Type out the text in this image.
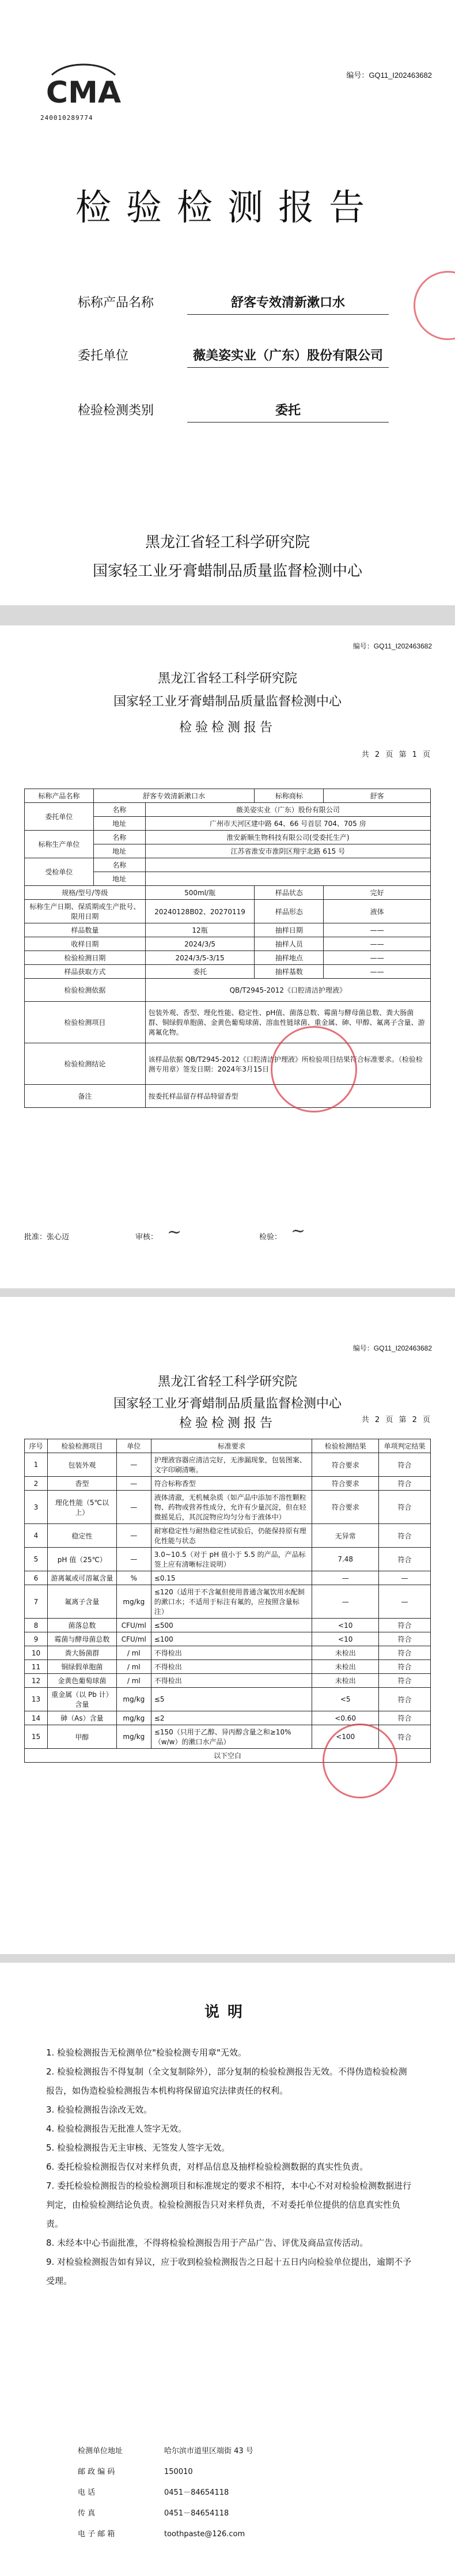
CMA
240010289774
编号：GQ11_I202463682
检验检测报告
标称产品名称	舒客专效清新漱口水
委托单位	薇美姿实业（广东）股份有限公司
检验检测类别	委托
黑龙江省轻工科学研究院
国家轻工业牙膏蜡制品质量监督检测中心
编号：GQ11_I202463682
黑龙江省轻工科学研究院
国家轻工业牙膏蜡制品质量监督检测中心
检验检测报告
共 2 页 第 1 页
标称产品名称	舒客专效清新漱口水		标称商标	舒客
委托单位	名称	薇美姿实业（广东）股份有限公司		
	地址	广州市天河区建中路 64、66 号首层 704、705 房		
标称生产单位	名称	淮安新顺生物科技有限公司(受委托生产)		
	地址	江苏省淮安市淮阴区翔宇北路 615 号		
受检单位	名称			
	地址			
规格/型号/等级		500ml/瓶	样品状态	完好
标称生产日期、保质期或生产批号、限用日期		20240128B02、20270119	样品形态	液体
样品数量		12瓶	抽样日期	——
收样日期		2024/3/5	抽样人员	——
检验检测日期		2024/3/5-3/15	抽样地点	——
样品获取方式		委托	抽样基数	——
检验检测依据		QB/T2945-2012《口腔清洁护理液》		
检验检测项目		包装外观、香型、理化性能、稳定性、pH值、菌落总数、霉菌与酵母菌总数、粪大肠菌群、铜绿假单胞菌、金黄色葡萄球菌、溶血性链球菌、重金属、砷、甲醇、氟离子含量、游离氟化物。		
检验检测结论		该样品依据 QB/T2945-2012《口腔清洁护理液》所检验项目结果符合标准要求。（检验检测专用章）签发日期：2024年3月15日		
备注		按委托样品留存样品特留香型		
批准：张心迈	审核： ~	检验： ~
编号：GQ11_I202463682
黑龙江省轻工科学研究院
国家轻工业牙膏蜡制品质量监督检测中心
检验检测报告	共 2 页 第 2 页
序号	检验检测项目	单位	标准要求	检验检测结果	单项判定结果
1	包装外观	—	护理液容器应清洁完好，无渗漏现象，包装图案、文字印刷清晰。	符合要求	符合
2	香型	—	符合标称香型	符合要求	符合
3	理化性能（5℃以上）	—	液体清澈，无机械杂质（如产品中添加不溶性颗粒物、药物或营养性成分，允许有少量沉淀，但在轻微摇晃后，其沉淀物应均匀分布于液体中）	符合要求	符合
4	稳定性	—	耐寒稳定性与耐热稳定性试验后，仍能保持原有理化性能与状态	无异常	符合
5	pH 值（25℃）	—	3.0~10.5（对于 pH 值小于 5.5 的产品，产品标签上应有清晰标注说明）	7.48	符合
6	游离氟或可溶氟含量	%	≤0.15	—	—
7	氟离子含量	mg/kg	≤120（适用于不含氟但使用普通含氟饮用水配制的漱口水；不适用于标注有氟的，应按照含量标注）	—	—
8	菌落总数	CFU/ml	≤500	<10	符合
9	霉菌与酵母菌总数	CFU/ml	≤100	<10	符合
10	粪大肠菌群	/ ml	不得检出	未检出	符合
11	铜绿假单胞菌	/ ml	不得检出	未检出	符合
12	金黄色葡萄球菌	/ ml	不得检出	未检出	符合
13	重金属（以 Pb 计）含量	mg/kg	≤5	<5	符合
14	砷（As）含量	mg/kg	≤2	<0.60	符合
15	甲醇	mg/kg	≤150（只用于乙醇、异丙醇含量之和≥10%（w/w）的漱口水产品）	<100	符合
以下空白					
说明

1. 检验检测报告无检测单位"检验检测专用章"无效。

2. 检验检测报告不得复制（全文复制除外），部分复制的检验检测报告无效。不得伪造检验检测报告，如伪造检验检测报告本机构将保留追究法律责任的权利。

3. 检验检测报告涂改无效。

4. 检验检测报告无批准人签字无效。

5. 检验检测报告无主审核、无签发人签字无效。

6. 委托检验检测报告仅对来样负责，对样品信息及抽样检验检测数据的真实性负责。

7. 委托检验检测报告的检验检测项目和标准规定的要求不相符，本中心不对对检验检测数据进行判定，由检验检测结论负责。检验检测报告只对来样负责，不对委托单位提供的信息真实性负责。

8. 未经本中心书面批准，不得将检验检测报告用于产品广告、评优及商品宣传活动。

9. 对检验检测报告如有异议，应于收到检验检测报告之日起十五日内向检验单位提出，逾期不予受理。

检测单位地址	哈尔滨市道里区端街 43 号
邮 政 编 码	150010
电 话	0451－84654118
传 真	0451－84654118
电 子 邮 箱	toothpaste@126.com
